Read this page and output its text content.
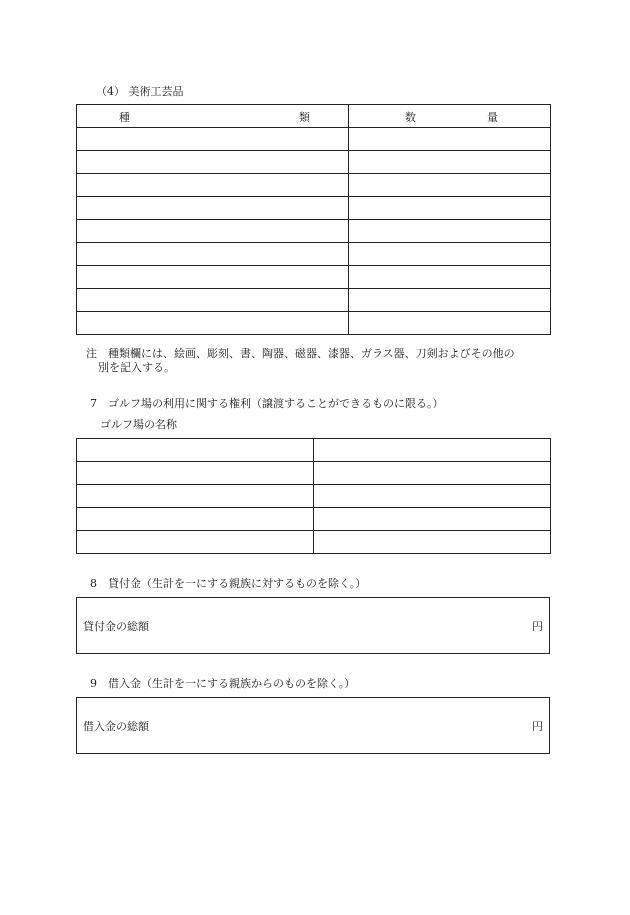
（4） 美術工芸品
種 類	数 量

注　種類欄には、絵画、彫刻、書、陶器、磁器、漆器、ガラス器、刀剣およびその他の
別を記入する。
7　ゴルフ場の利用に関する権利（譲渡することができるものに限る。）
ゴルフ場の名称

8　貸付金（生計を一にする親族に対するものを除く。）
貸付金の総額	円
9　借入金（生計を一にする親族からのものを除く。）
借入金の総額	円
